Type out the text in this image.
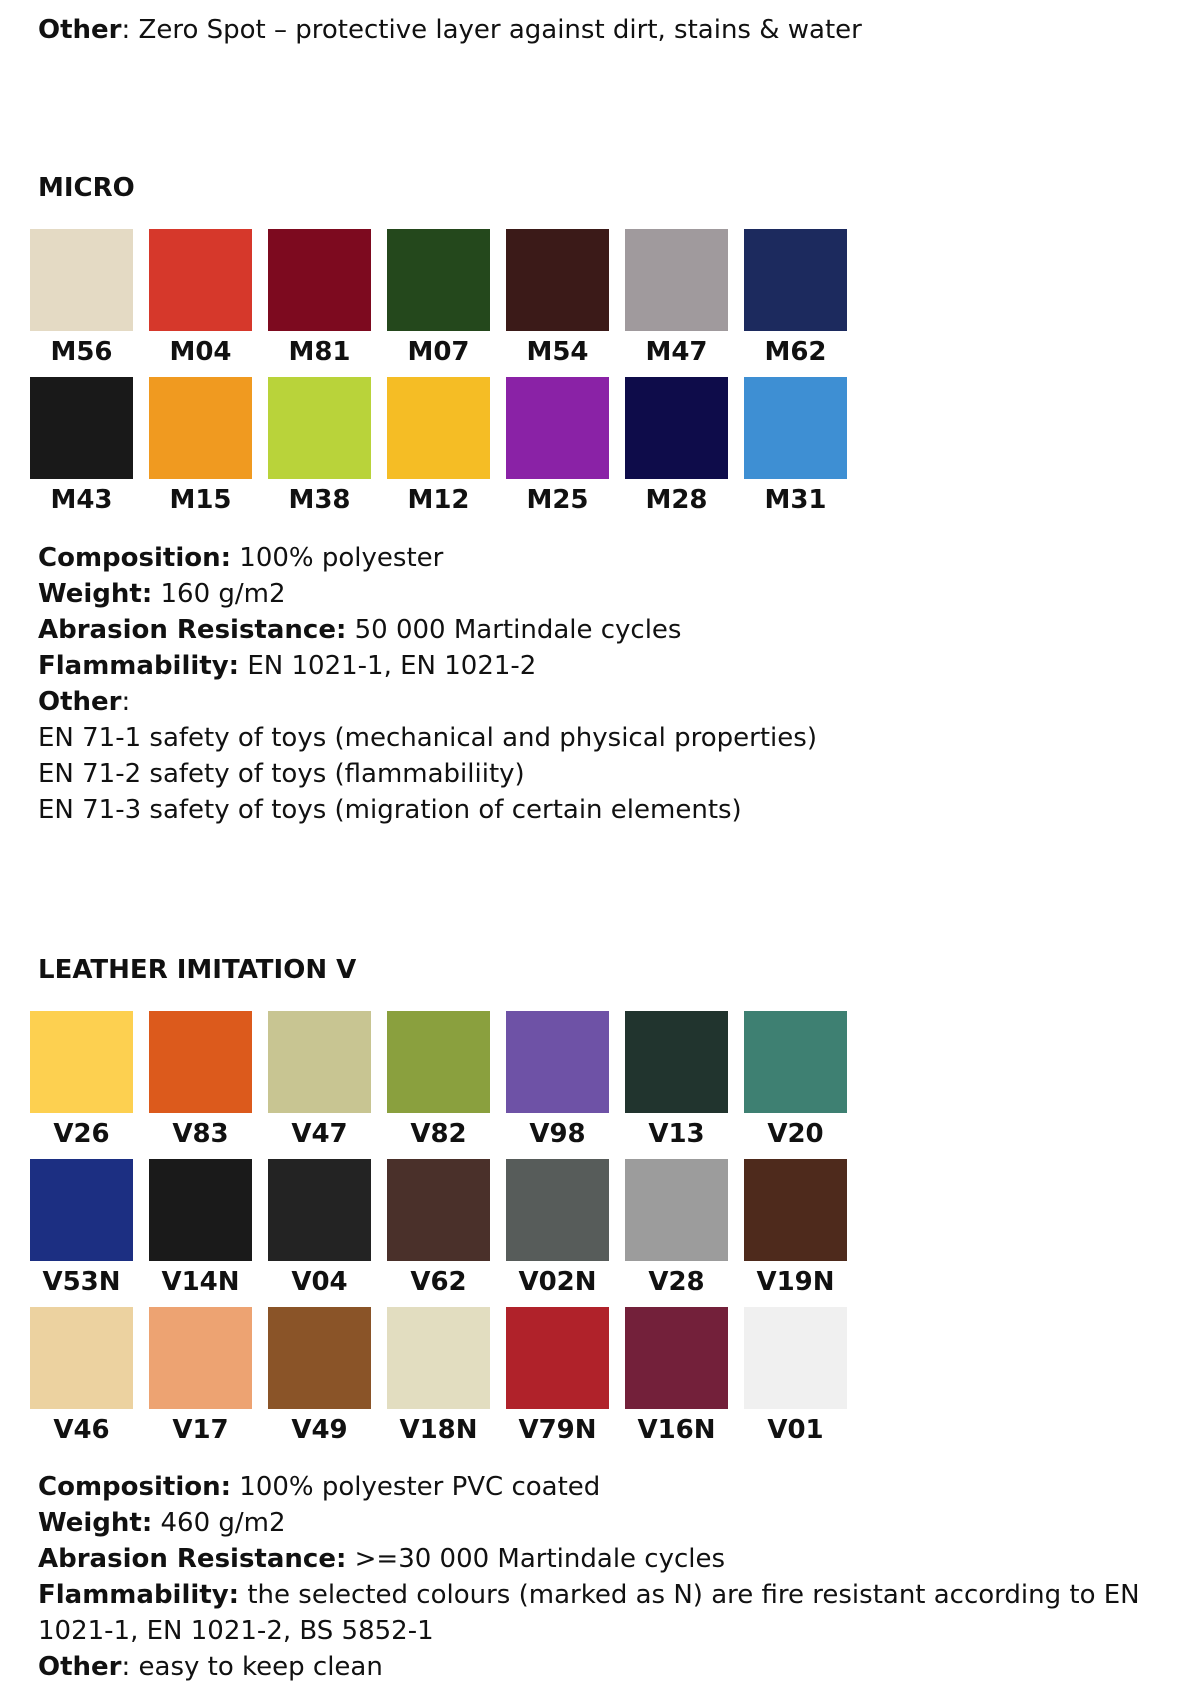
Other: Zero Spot – protective layer against dirt, stains & water
MICRO
M56 M04 M81 M07 M54 M47 M62
M43 M15 M38 M12 M25 M28 M31
Composition: 100% polyester
Weight: 160 g/m2
Abrasion Resistance: 50 000 Martindale cycles
Flammability: EN 1021-1, EN 1021-2
Other:
EN 71-1 safety of toys (mechanical and physical properties)
EN 71-2 safety of toys (flammabiliity)
EN 71-3 safety of toys (migration of certain elements)
LEATHER IMITATION V
V26 V83 V47 V82 V98 V13 V20
V53N V14N V04 V62 V02N V28 V19N
V46 V17 V49 V18N V79N V16N V01
Composition: 100% polyester PVC coated
Weight: 460 g/m2
Abrasion Resistance: >=30 000 Martindale cycles
Flammability: the selected colours (marked as N) are fire resistant according to EN 1021-1, EN 1021-2, BS 5852-1
Other: easy to keep clean
